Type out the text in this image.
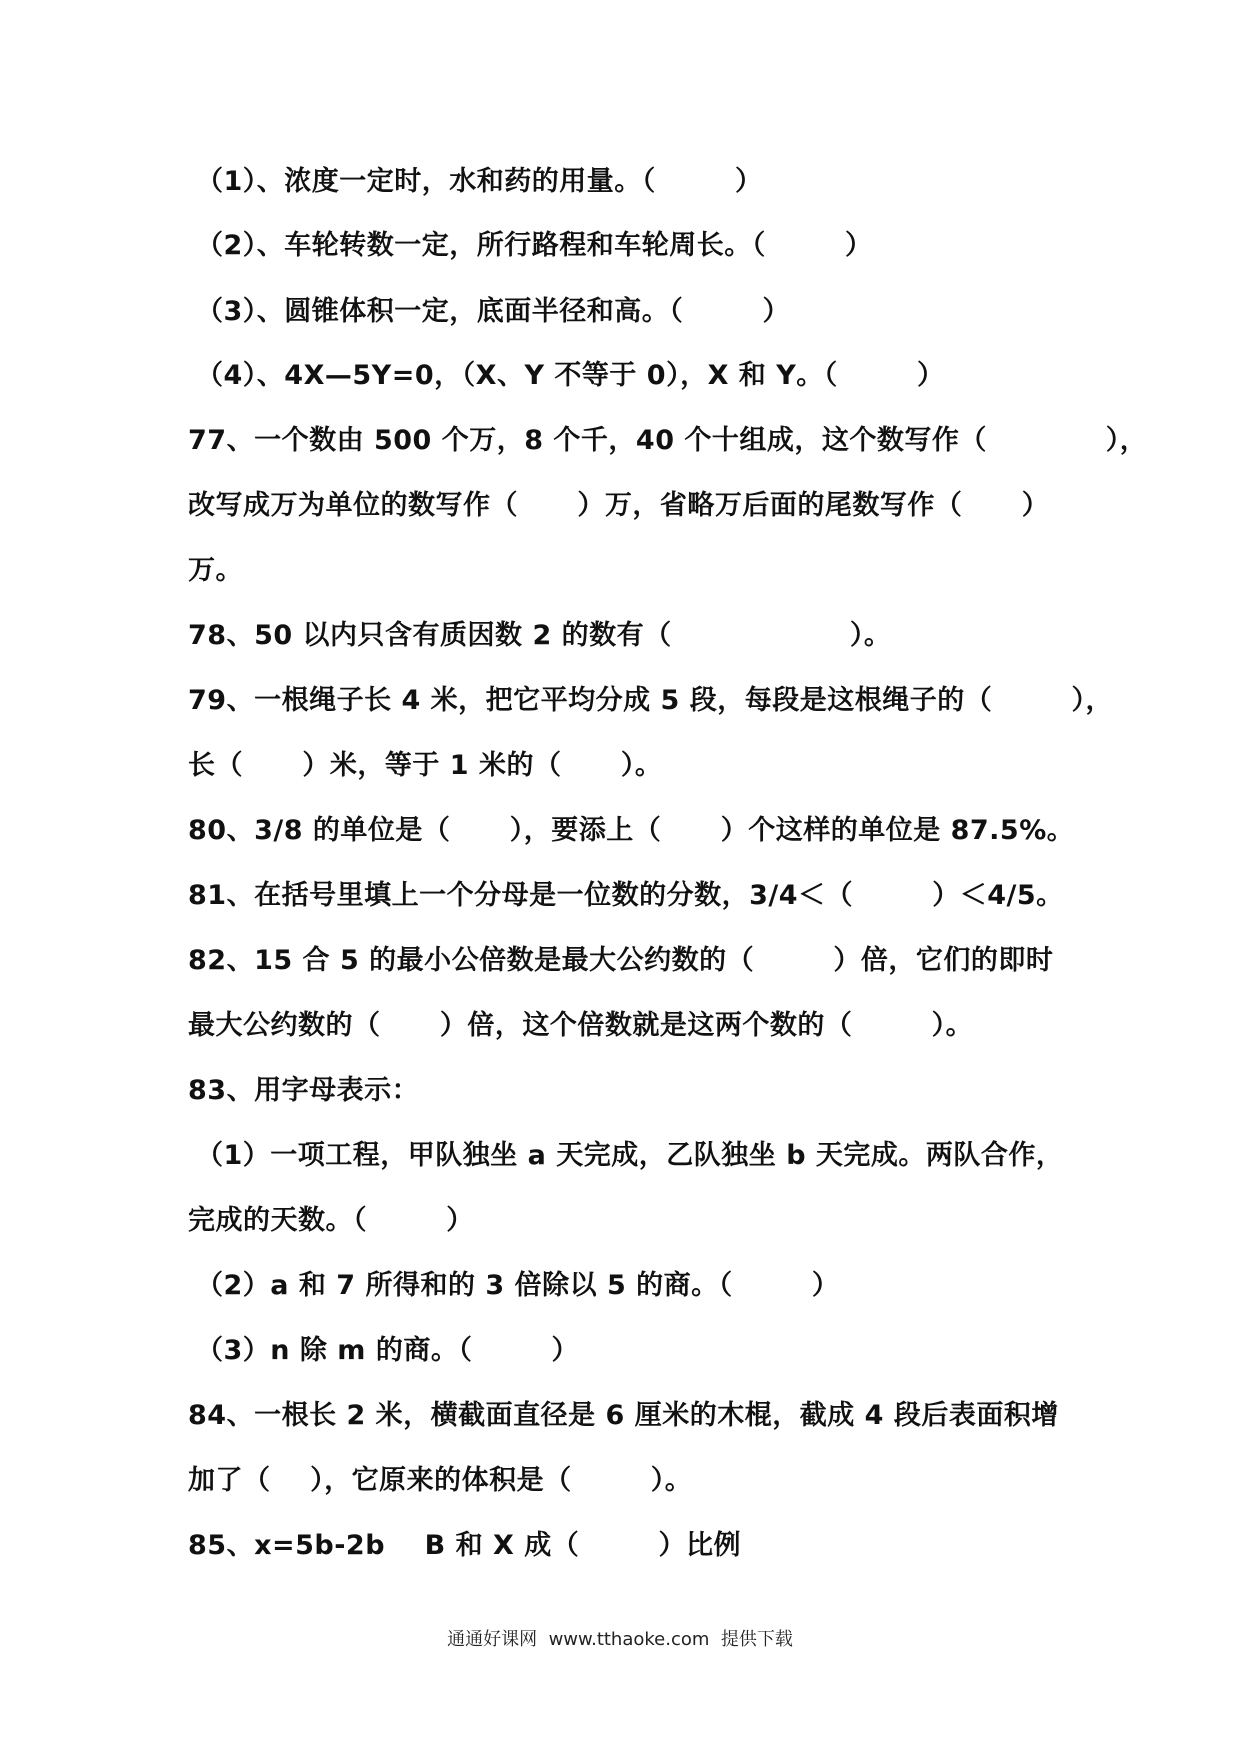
（1）、浓度一定时，水和药的用量。（        ）

（2）、车轮转数一定，所行路程和车轮周长。（        ）

（3）、圆锥体积一定，底面半径和高。（        ）

（4）、4X—5Y=0，（X、Y 不等于 0），X 和 Y。（        ）

77、一个数由 500 个万，8 个千，40 个十组成，这个数写作（            ），

改写成万为单位的数写作（      ）万，省略万后面的尾数写作（      ）

万。

78、50 以内只含有质因数 2 的数有（                  ）。

79、一根绳子长 4 米，把它平均分成 5 段，每段是这根绳子的（        ），

长（      ）米，等于 1 米的（      ）。

80、3/8 的单位是（      ），要添上（      ）个这样的单位是 87.5%。

81、在括号里填上一个分母是一位数的分数，3/4＜（        ）＜4/5。

82、15 合 5 的最小公倍数是最大公约数的（        ）倍，它们的即时

最大公约数的（      ）倍，这个倍数就是这两个数的（        ）。

83、用字母表示：

（1）一项工程，甲队独坐 a 天完成，乙队独坐 b 天完成。两队合作，

完成的天数。（        ）

（2）a 和 7 所得和的 3 倍除以 5 的商。（        ）

（3）n 除 m 的商。（        ）

84、一根长 2 米，横截面直径是 6 厘米的木棍，截成 4 段后表面积增

加了（    ），它原来的体积是（        ）。

85、x=5b-2b    B 和 X 成（        ）比例

通通好课网  www.tthaoke.com  提供下载
